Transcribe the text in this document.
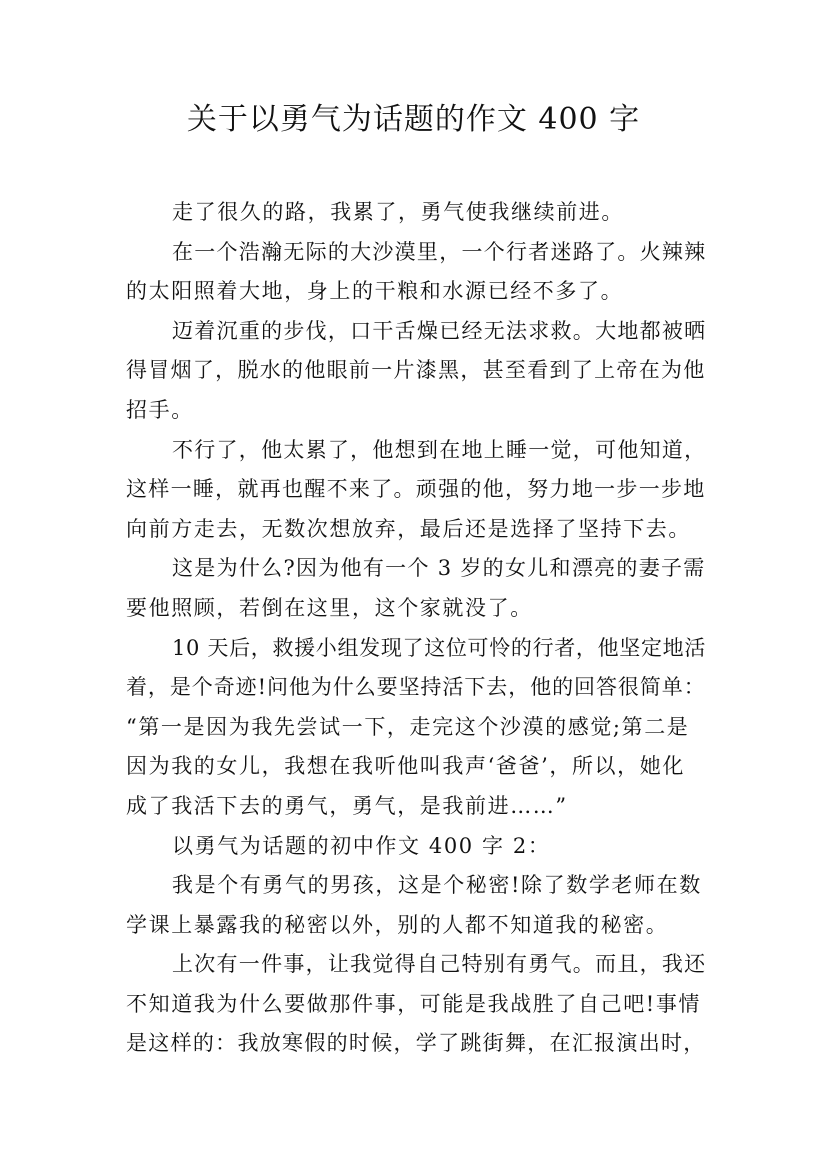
关于以勇气为话题的作文 400 字
走了很久的路，我累了，勇气使我继续前进。
在一个浩瀚无际的大沙漠里，一个行者迷路了。火辣辣
的太阳照着大地，身上的干粮和水源已经不多了。
迈着沉重的步伐，口干舌燥已经无法求救。大地都被晒
得冒烟了，脱水的他眼前一片漆黑，甚至看到了上帝在为他
招手。
不行了，他太累了，他想到在地上睡一觉，可他知道，
这样一睡，就再也醒不来了。顽强的他，努力地一步一步地
向前方走去，无数次想放弃，最后还是选择了坚持下去。
这是为什么?因为他有一个 3 岁的女儿和漂亮的妻子需
要他照顾，若倒在这里，这个家就没了。
10 天后，救援小组发现了这位可怜的行者，他坚定地活
着，是个奇迹!问他为什么要坚持活下去，他的回答很简单：
“第一是因为我先尝试一下，走完这个沙漠的感觉;第二是
因为我的女儿，我想在我听他叫我声‘爸爸’，所以，她化
成了我活下去的勇气，勇气，是我前进……”
以勇气为话题的初中作文 400 字 2：
我是个有勇气的男孩，这是个秘密!除了数学老师在数
学课上暴露我的秘密以外，别的人都不知道我的秘密。
上次有一件事，让我觉得自己特别有勇气。而且，我还
不知道我为什么要做那件事，可能是我战胜了自己吧!事情
是这样的：我放寒假的时候，学了跳街舞，在汇报演出时，
